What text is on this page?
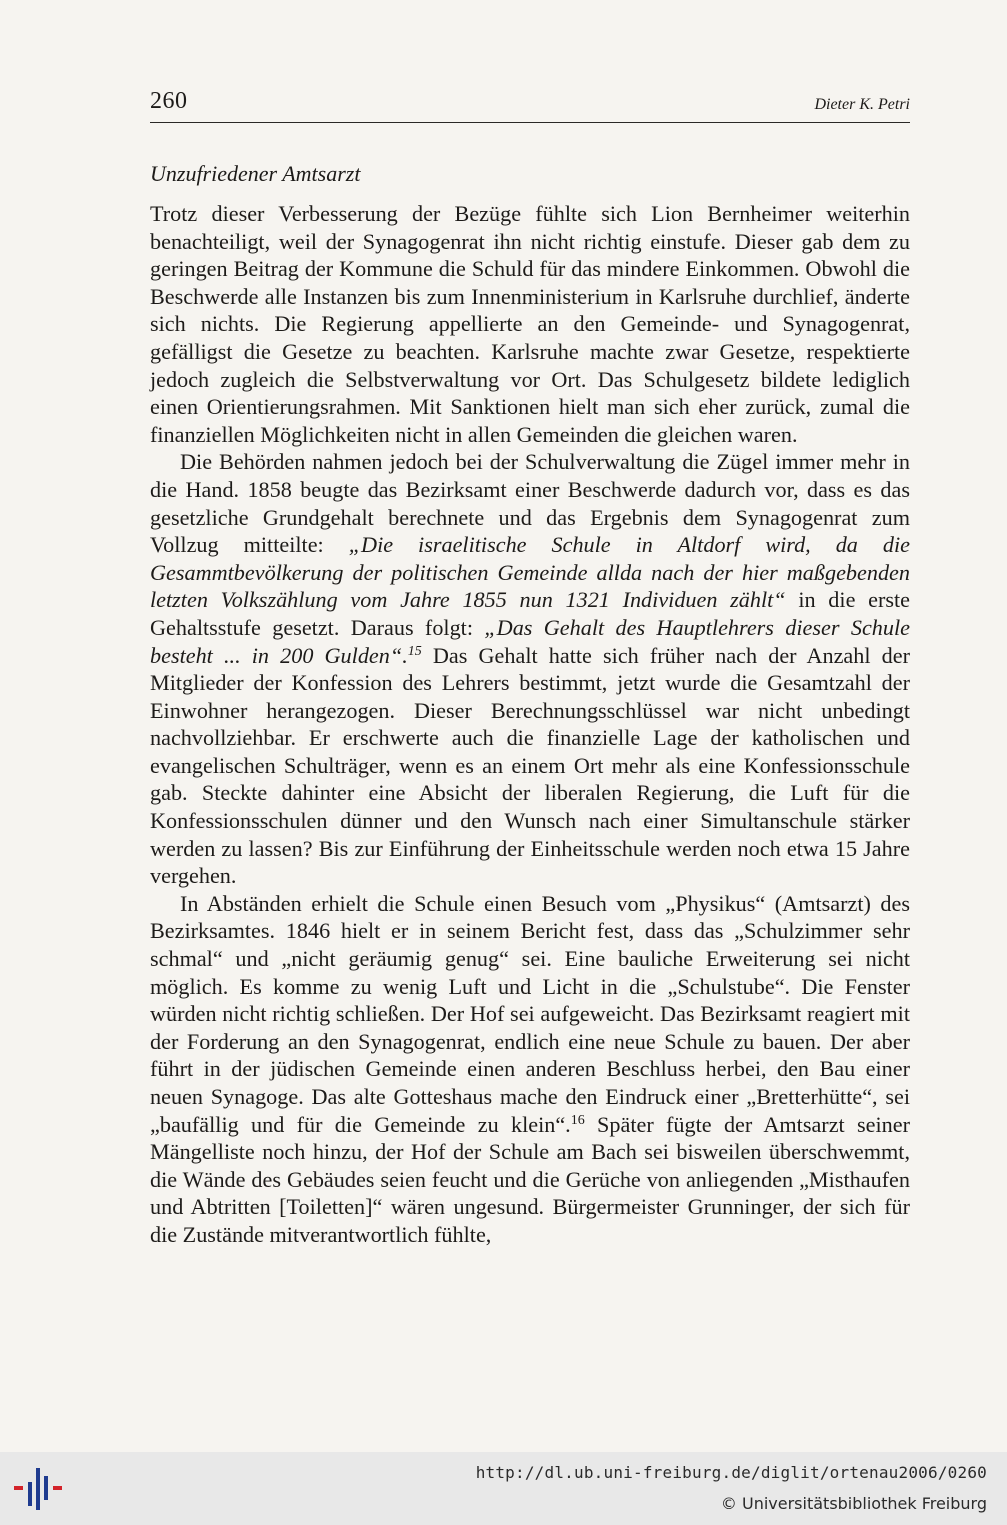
260	Dieter K. Petri
Unzufriedener Amtsarzt

Trotz dieser Verbesserung der Bezüge fühlte sich Lion Bernheimer weiterhin benachteiligt, weil der Synagogenrat ihn nicht richtig einstufe. Dieser gab dem zu geringen Beitrag der Kommune die Schuld für das mindere Einkommen. Obwohl die Beschwerde alle Instanzen bis zum Innenministerium in Karlsruhe durchlief, änderte sich nichts. Die Regierung appellierte an den Gemeinde- und Synagogenrat, gefälligst die Gesetze zu beachten. Karlsruhe machte zwar Gesetze, respektierte jedoch zugleich die Selbstverwaltung vor Ort. Das Schulgesetz bildete lediglich einen Orientierungsrahmen. Mit Sanktionen hielt man sich eher zurück, zumal die finanziellen Möglichkeiten nicht in allen Gemeinden die gleichen waren.

Die Behörden nahmen jedoch bei der Schulverwaltung die Zügel immer mehr in die Hand. 1858 beugte das Bezirksamt einer Beschwerde dadurch vor, dass es das gesetzliche Grundgehalt berechnete und das Ergebnis dem Synagogenrat zum Vollzug mitteilte: „Die israelitische Schule in Altdorf wird, da die Gesammtbevölkerung der politischen Gemeinde allda nach der hier maßgebenden letzten Volkszählung vom Jahre 1855 nun 1321 Individuen zählt“ in die erste Gehaltsstufe gesetzt. Daraus folgt: „Das Gehalt des Hauptlehrers dieser Schule besteht ... in 200 Gulden“.$^{15}$ Das Gehalt hatte sich früher nach der Anzahl der Mitglieder der Konfession des Lehrers bestimmt, jetzt wurde die Gesamtzahl der Einwohner herangezogen. Dieser Berechnungsschlüssel war nicht unbedingt nachvollziehbar. Er erschwerte auch die finanzielle Lage der katholischen und evangelischen Schulträger, wenn es an einem Ort mehr als eine Konfessionsschule gab. Steckte dahinter eine Absicht der liberalen Regierung, die Luft für die Konfessionsschulen dünner und den Wunsch nach einer Simultanschule stärker werden zu lassen? Bis zur Einführung der Einheitsschule werden noch etwa 15 Jahre vergehen.

In Abständen erhielt die Schule einen Besuch vom „Physikus“ (Amtsarzt) des Bezirksamtes. 1846 hielt er in seinem Bericht fest, dass das „Schulzimmer sehr schmal“ und „nicht geräumig genug“ sei. Eine bauliche Erweiterung sei nicht möglich. Es komme zu wenig Luft und Licht in die „Schulstube“. Die Fenster würden nicht richtig schließen. Der Hof sei aufgeweicht. Das Bezirksamt reagiert mit der Forderung an den Synagogenrat, endlich eine neue Schule zu bauen. Der aber führt in der jüdischen Gemeinde einen anderen Beschluss herbei, den Bau einer neuen Synagoge. Das alte Gotteshaus mache den Eindruck einer „Bretterhütte“, sei „baufällig und für die Gemeinde zu klein“.$^{16}$ Später fügte der Amtsarzt seiner Mängelliste noch hinzu, der Hof der Schule am Bach sei bisweilen überschwemmt, die Wände des Gebäudes seien feucht und die Gerüche von anliegenden „Misthaufen und Abtritten [Toiletten]“ wären ungesund. Bürgermeister Grunninger, der sich für die Zustände mitverantwortlich fühlte,

http://dl.ub.uni-freiburg.de/diglit/ortenau2006/0260
© Universitätsbibliothek Freiburg
